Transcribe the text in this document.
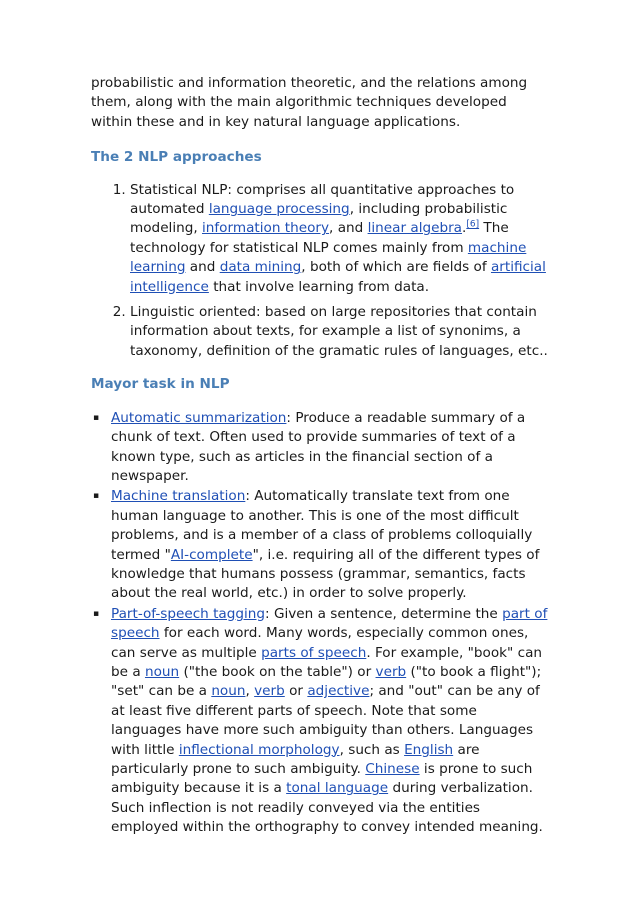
probabilistic and information theoretic, and the relations among them, along with the main algorithmic techniques developed within these and in key natural language applications.

The 2 NLP approaches
1. Statistical NLP: comprises all quantitative approaches to automated language processing, including probabilistic modeling, information theory, and linear algebra.[6] The technology for statistical NLP comes mainly from machine learning and data mining, both of which are fields of artificial intelligence that involve learning from data.
2. Linguistic oriented: based on large repositories that contain information about texts, for example a list of synonims, a taxonomy, definition of the gramatic rules of languages, etc..
Mayor task in NLP
▪ Automatic summarization: Produce a readable summary of a chunk of text. Often used to provide summaries of text of a known type, such as articles in the financial section of a newspaper.
▪ Machine translation: Automatically translate text from one human language to another. This is one of the most difficult problems, and is a member of a class of problems colloquially termed "AI-complete", i.e. requiring all of the different types of knowledge that humans possess (grammar, semantics, facts about the real world, etc.) in order to solve properly.
▪ Part-of-speech tagging: Given a sentence, determine the part of speech for each word. Many words, especially common ones, can serve as multiple parts of speech. For example, "book" can be a noun ("the book on the table") or verb ("to book a flight"); "set" can be a noun, verb or adjective; and "out" can be any of at least five different parts of speech. Note that some languages have more such ambiguity than others. Languages with little inflectional morphology, such as English are particularly prone to such ambiguity. Chinese is prone to such ambiguity because it is a tonal language during verbalization. Such inflection is not readily conveyed via the entities employed within the orthography to convey intended meaning.
